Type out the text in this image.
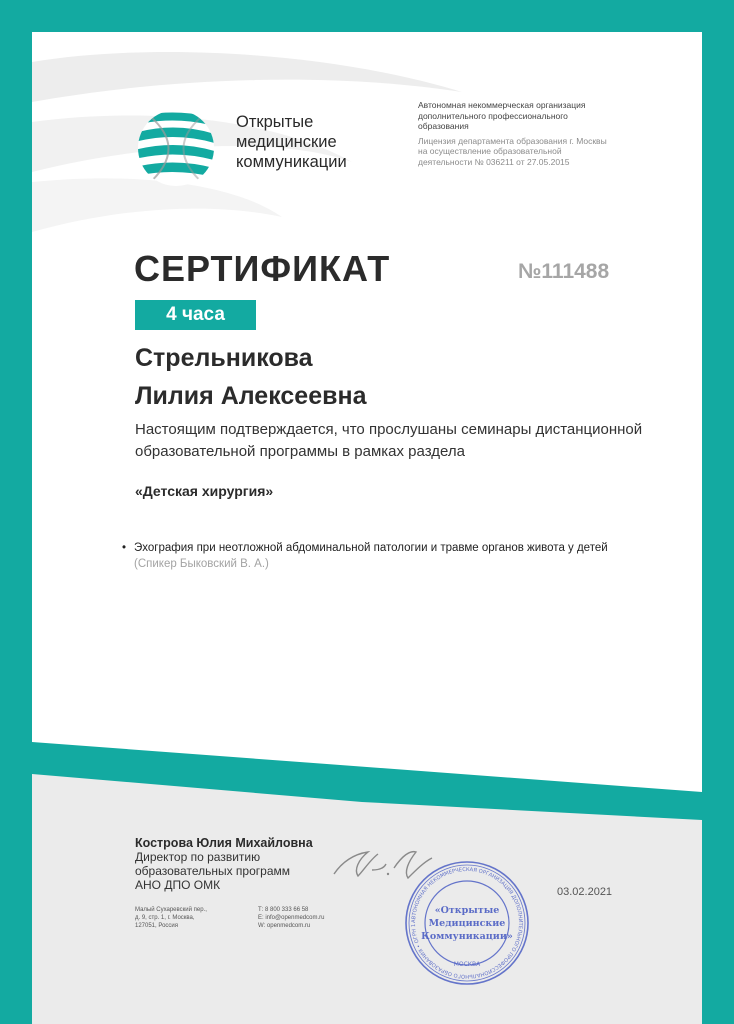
Открытые
медицинские
коммуникации
Автономная некоммерческая организация дополнительного профессионального образования
Лицензия департамента образования г. Москвы на осуществление образовательной деятельности № 036211 от 27.05.2015
СЕРТИФИКАТ	№111488
4 часа
Стрельникова
Лилия Алексеевна
Настоящим подтверждается, что прослушаны семинары дистанционной образовательной программы в рамках раздела
«Детская хирургия»
• Эхография при неотложной абдоминальной патологии и травме органов живота у детей
(Спикер Быковский В. А.)
Кострова Юлия Михайловна
Директор по развитию
образовательных программ
АНО ДПО ОМК
Малый Сухаревский пер.,
д. 9, стр. 1, г. Москва,
127051, Россия
Т: 8 800 333 66 58
E: info@openmedcom.ru
W: openmedcom.ru
АВТОНОМНАЯ НЕКОММЕРЧЕСКАЯ ОРГАНИЗАЦИЯ ДОПОЛНИТЕЛЬНОГО ПРОФЕССИОНАЛЬНОГО ОБРАЗОВАНИЯ • ОГРН 1
МОСКВА
«Открытые
Медицинские
Коммуникации»
03.02.2021
